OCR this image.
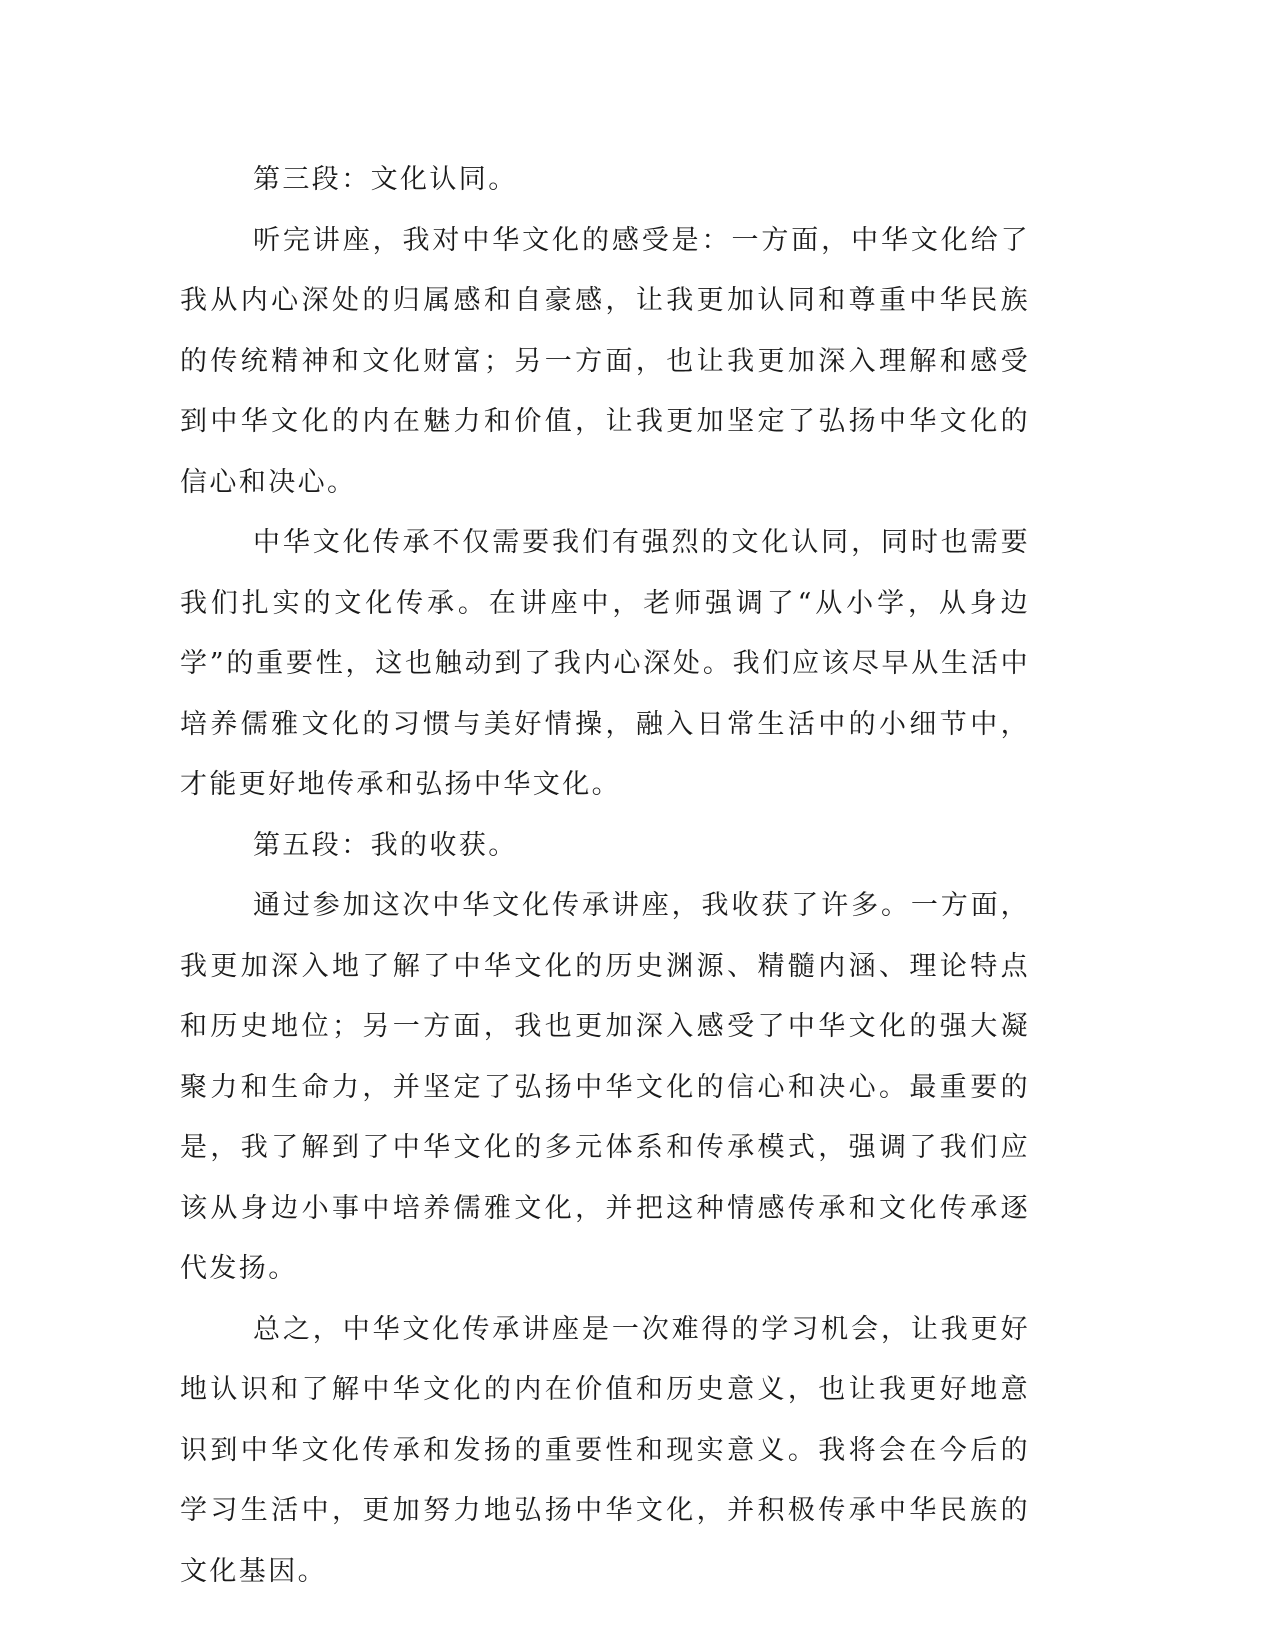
第三段：文化认同。

听完讲座，我对中华文化的感受是：一方面，中华文化给了我从内心深处的归属感和自豪感，让我更加认同和尊重中华民族的传统精神和文化财富；另一方面，也让我更加深入理解和感受到中华文化的内在魅力和价值，让我更加坚定了弘扬中华文化的信心和决心。

中华文化传承不仅需要我们有强烈的文化认同，同时也需要我们扎实的文化传承。在讲座中，老师强调了“从小学，从身边学”的重要性，这也触动到了我内心深处。我们应该尽早从生活中培养儒雅文化的习惯与美好情操，融入日常生活中的小细节中，才能更好地传承和弘扬中华文化。

第五段：我的收获。

通过参加这次中华文化传承讲座，我收获了许多。一方面，我更加深入地了解了中华文化的历史渊源、精髓内涵、理论特点和历史地位；另一方面，我也更加深入感受了中华文化的强大凝聚力和生命力，并坚定了弘扬中华文化的信心和决心。最重要的是，我了解到了中华文化的多元体系和传承模式，强调了我们应该从身边小事中培养儒雅文化，并把这种情感传承和文化传承逐代发扬。

总之，中华文化传承讲座是一次难得的学习机会，让我更好地认识和了解中华文化的内在价值和历史意义，也让我更好地意识到中华文化传承和发扬的重要性和现实意义。我将会在今后的学习生活中，更加努力地弘扬中华文化，并积极传承中华民族的文化基因。
